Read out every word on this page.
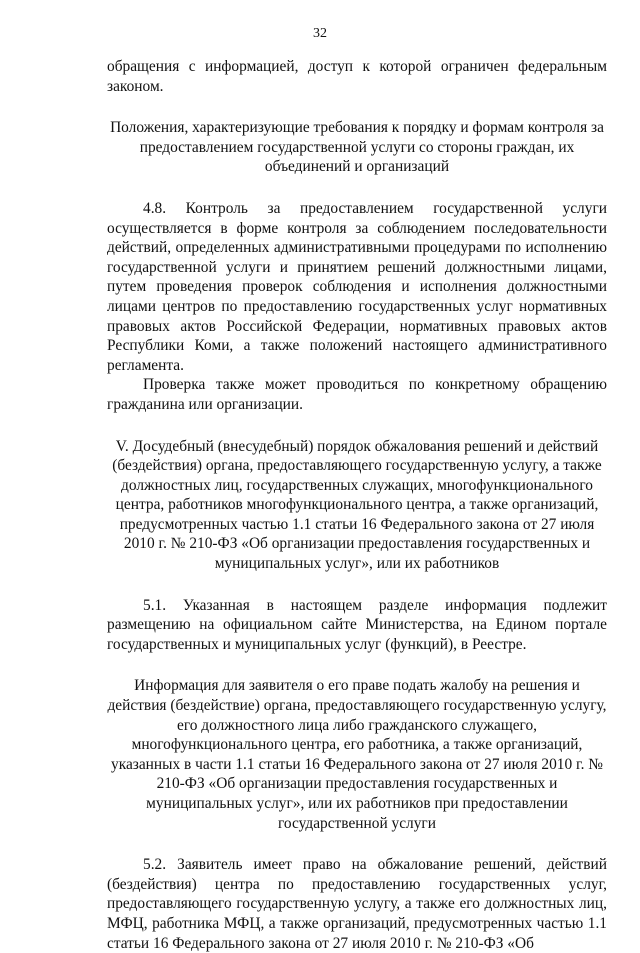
32

обращения с информацией, доступ к которой ограничен федеральным законом.

Положения, характеризующие требования к порядку и формам контроля за предоставлением государственной услуги со стороны граждан, их объединений и организаций

4.8. Контроль за предоставлением государственной услуги осуществляется в форме контроля за соблюдением последовательности действий, определенных административными процедурами по исполнению государственной услуги и принятием решений должностными лицами, путем проведения проверок соблюдения и исполнения должностными лицами центров по предоставлению государственных услуг нормативных правовых актов Российской Федерации, нормативных правовых актов Республики Коми, а также положений настоящего административного регламента.

Проверка также может проводиться по конкретному обращению гражданина или организации.

V. Досудебный (внесудебный) порядок обжалования решений и действий (бездействия) органа, предоставляющего государственную услугу, а также должностных лиц, государственных служащих, многофункционального центра, работников многофункционального центра, а также организаций, предусмотренных частью 1.1 статьи 16 Федерального закона от 27 июля 2010 г. № 210-ФЗ «Об организации предоставления государственных и муниципальных услуг», или их работников

5.1. Указанная в настоящем разделе информация подлежит размещению на официальном сайте Министерства, на Едином портале государственных и муниципальных услуг (функций), в Реестре.

Информация для заявителя о его праве подать жалобу на решения и действия (бездействие) органа, предоставляющего государственную услугу, его должностного лица либо гражданского служащего, многофункционального центра, его работника, а также организаций, указанных в части 1.1 статьи 16 Федерального закона от 27 июля 2010 г. № 210-ФЗ «Об организации предоставления государственных и муниципальных услуг», или их работников при предоставлении государственной услуги

5.2. Заявитель имеет право на обжалование решений, действий (бездействия) центра по предоставлению государственных услуг, предоставляющего государственную услугу, а также его должностных лиц, МФЦ, работника МФЦ, а также организаций, предусмотренных частью 1.1 статьи 16 Федерального закона от 27 июля 2010 г. № 210-ФЗ «Об
